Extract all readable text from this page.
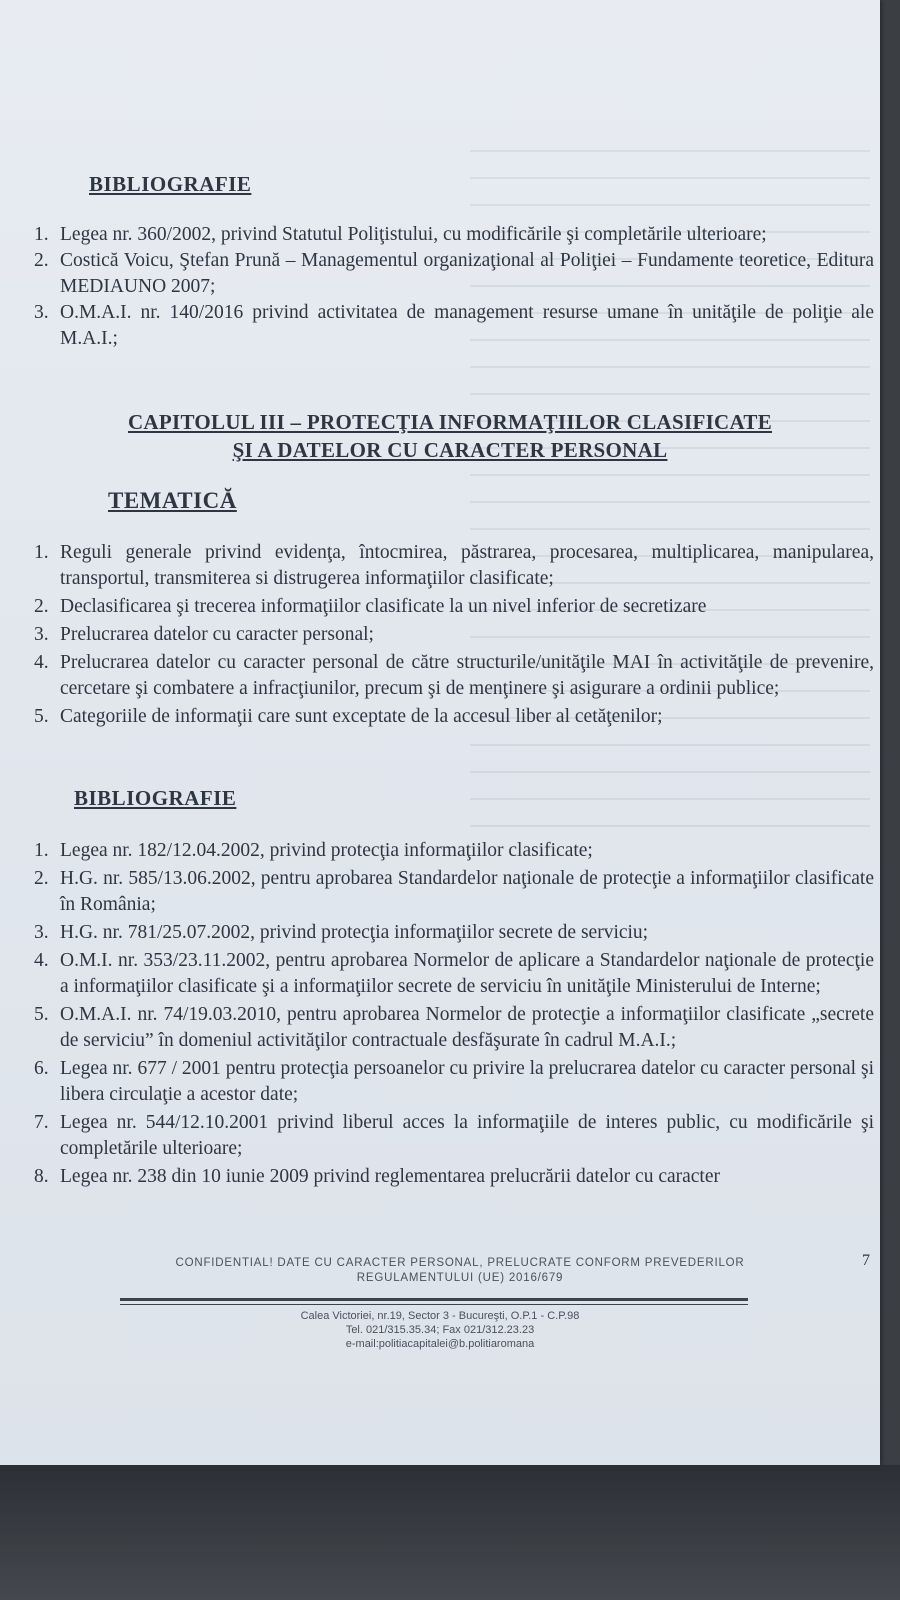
BIBLIOGRAFIE
1. Legea nr. 360/2002, privind Statutul Poliţistului, cu modificările şi completările ulterioare;
2. Costică Voicu, Ştefan Prună – Managementul organizaţional al Poliţiei – Fundamente teoretice, Editura MEDIAUNO 2007;
3. O.M.A.I. nr. 140/2016 privind activitatea de management resurse umane în unităţile de poliţie ale M.A.I.;
CAPITOLUL III – PROTECŢIA INFORMAŢIILOR CLASIFICATE
ŞI A DATELOR CU CARACTER PERSONAL
TEMATICĂ
1. Reguli generale privind evidenţa, întocmirea, păstrarea, procesarea, multiplicarea, manipularea, transportul, transmiterea si distrugerea informaţiilor clasificate;
2. Declasificarea şi trecerea informaţiilor clasificate la un nivel inferior de secretizare
3. Prelucrarea datelor cu caracter personal;
4. Prelucrarea datelor cu caracter personal de către structurile/unităţile MAI în activităţile de prevenire, cercetare şi combatere a infracţiunilor, precum şi de menţinere şi asigurare a ordinii publice;
5. Categoriile de informaţii care sunt exceptate de la accesul liber al cetăţenilor;
BIBLIOGRAFIE
1. Legea nr. 182/12.04.2002, privind protecţia informaţiilor clasificate;
2. H.G. nr. 585/13.06.2002, pentru aprobarea Standardelor naţionale de protecţie a informaţiilor clasificate în România;
3. H.G. nr. 781/25.07.2002, privind protecţia informaţiilor secrete de serviciu;
4. O.M.I. nr. 353/23.11.2002, pentru aprobarea Normelor de aplicare a Standardelor naţionale de protecţie a informaţiilor clasificate şi a informaţiilor secrete de serviciu în unităţile Ministerului de Interne;
5. O.M.A.I. nr. 74/19.03.2010, pentru aprobarea Normelor de protecţie a informaţiilor clasificate „secrete de serviciu” în domeniul activităţilor contractuale desfăşurate în cadrul M.A.I.;
6. Legea nr. 677 / 2001 pentru protecţia persoanelor cu privire la prelucrarea datelor cu caracter personal şi libera circulaţie a acestor date;
7. Legea nr. 544/12.10.2001 privind liberul acces la informaţiile de interes public, cu modificările şi completările ulterioare;
8. Legea nr. 238 din 10 iunie 2009 privind reglementarea prelucrării datelor cu caracter
CONFIDENTIAL! DATE CU CARACTER PERSONAL, PRELUCRATE CONFORM PREVEDERILOR
REGULAMENTULUI (UE) 2016/679
7
Calea Victoriei, nr.19, Sector 3 - Bucureşti, O.P.1 - C.P.98
Tel. 021/315.35.34; Fax 021/312.23.23
e-mail:politiacapitalei@b.politiaromana
